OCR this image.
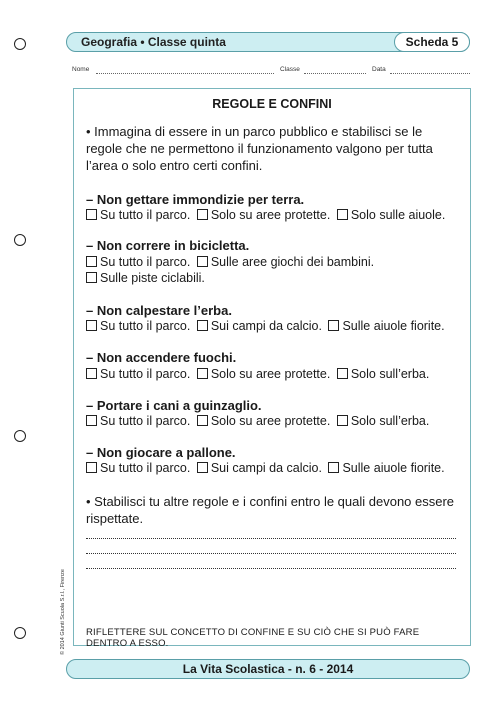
Geografia • Classe quinta	Scheda 5
Nome	Classe	Data
REGOLE E CONFINI
• Immagina di essere in un parco pubblico e stabilisci se le regole che ne permettono il funzionamento valgono per tutta l’area o solo entro certi confini.
– Non gettare immondizie per terra.
Su tutto il parco. Solo su aree protette. Solo sulle aiuole.
– Non correre in bicicletta.
Su tutto il parco. Sulle aree giochi dei bambini.
Sulle piste ciclabili.
– Non calpestare l’erba.
Su tutto il parco. Sui campi da calcio. Sulle aiuole fiorite.
– Non accendere fuochi.
Su tutto il parco. Solo su aree protette. Solo sull’erba.
– Portare i cani a guinzaglio.
Su tutto il parco. Solo su aree protette. Solo sull’erba.
– Non giocare a pallone.
Su tutto il parco. Sui campi da calcio. Sulle aiuole fiorite.
• Stabilisci tu altre regole e i confini entro le quali devono essere rispettate.
RIFLETTERE SUL CONCETTO DI CONFINE E SU CIÒ CHE SI PUÒ FARE DENTRO A ESSO.
© 2014 Giunti Scuola S.r.l., Firenze
La Vita Scolastica - n. 6 - 2014
